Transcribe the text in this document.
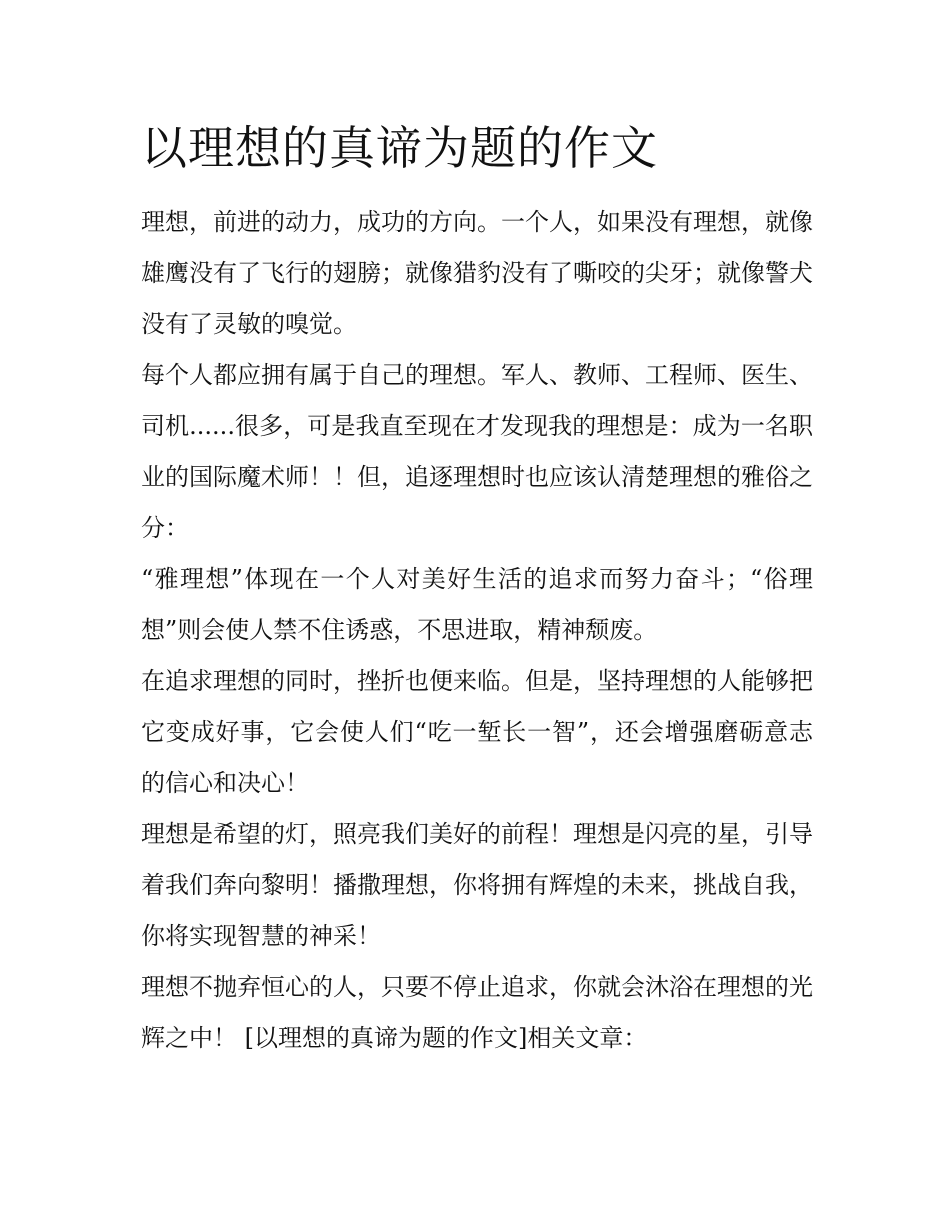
以理想的真谛为题的作文

理想，前进的动力，成功的方向。一个人，如果没有理想，就像雄鹰没有了飞行的翅膀；就像猎豹没有了嘶咬的尖牙；就像警犬没有了灵敏的嗅觉。

每个人都应拥有属于自己的理想。军人、教师、工程师、医生、司机......很多，可是我直至现在才发现我的理想是：成为一名职业的国际魔术师！！但，追逐理想时也应该认清楚理想的雅俗之分：

“雅理想”体现在一个人对美好生活的追求而努力奋斗；“俗理想”则会使人禁不住诱惑，不思进取，精神颓废。

在追求理想的同时，挫折也便来临。但是，坚持理想的人能够把它变成好事，它会使人们“吃一堑长一智”，还会增强磨砺意志的信心和决心！

理想是希望的灯，照亮我们美好的前程！理想是闪亮的星，引导着我们奔向黎明！播撒理想，你将拥有辉煌的未来，挑战自我，你将实现智慧的神采！

理想不抛弃恒心的人，只要不停止追求，你就会沐浴在理想的光辉之中！ [以理想的真谛为题的作文]相关文章：
